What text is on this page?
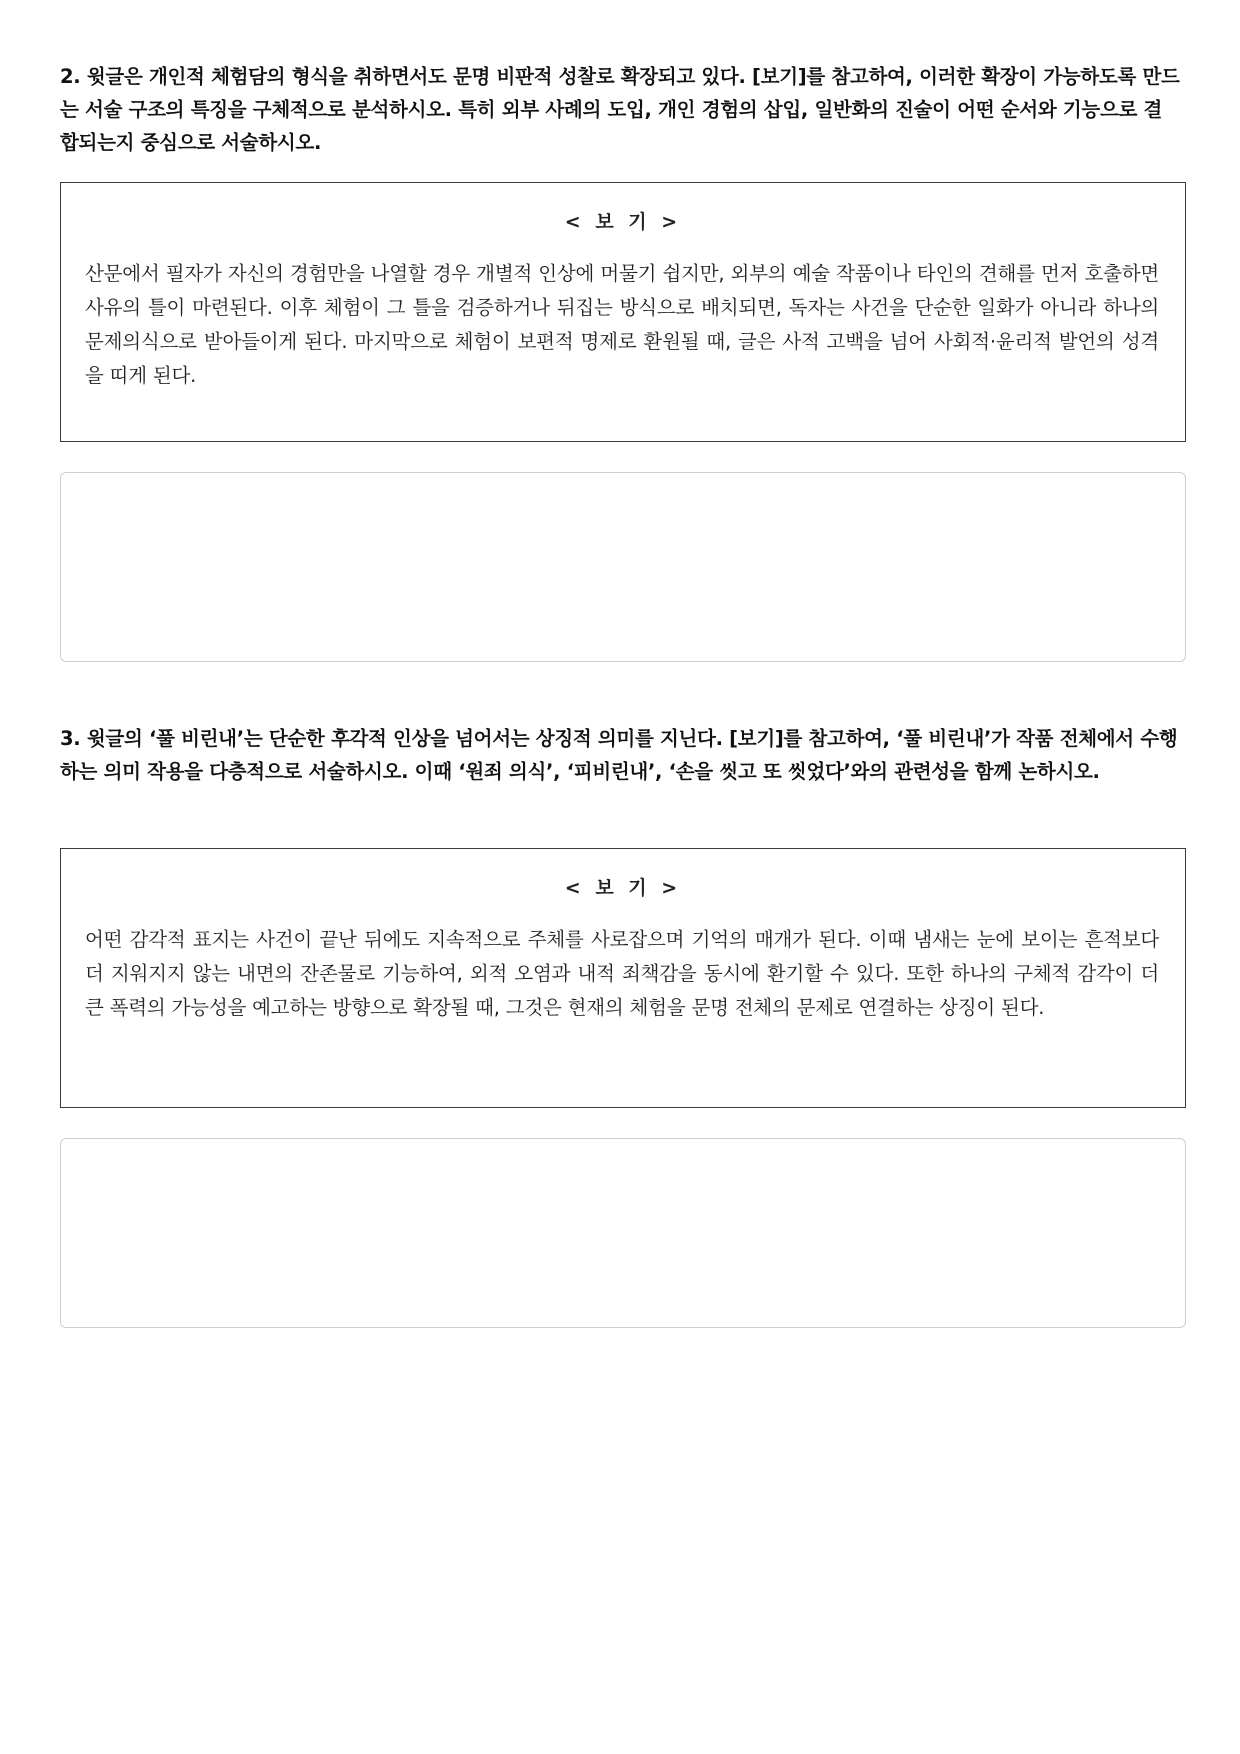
2. 윗글은 개인적 체험담의 형식을 취하면서도 문명 비판적 성찰로 확장되고 있다. [보기]를 참고하여, 이러한 확장이 가능하도록 만드는 서술 구조의 특징을 구체적으로 분석하시오. 특히 외부 사례의 도입, 개인 경험의 삽입, 일반화의 진술이 어떤 순서와 기능으로 결합되는지 중심으로 서술하시오.

< 보 기 >
산문에서 필자가 자신의 경험만을 나열할 경우 개별적 인상에 머물기 쉽지만, 외부의 예술 작품이나 타인의 견해를 먼저 호출하면 사유의 틀이 마련된다. 이후 체험이 그 틀을 검증하거나 뒤집는 방식으로 배치되면, 독자는 사건을 단순한 일화가 아니라 하나의 문제의식으로 받아들이게 된다. 마지막으로 체험이 보편적 명제로 환원될 때, 글은 사적 고백을 넘어 사회적·윤리적 발언의 성격을 띠게 된다.

3. 윗글의 ‘풀 비린내’는 단순한 후각적 인상을 넘어서는 상징적 의미를 지닌다. [보기]를 참고하여, ‘풀 비린내’가 작품 전체에서 수행하는 의미 작용을 다층적으로 서술하시오. 이때 ‘원죄 의식’, ‘피비린내’, ‘손을 씻고 또 씻었다’와의 관련성을 함께 논하시오.

< 보 기 >
어떤 감각적 표지는 사건이 끝난 뒤에도 지속적으로 주체를 사로잡으며 기억의 매개가 된다. 이때 냄새는 눈에 보이는 흔적보다 더 지워지지 않는 내면의 잔존물로 기능하여, 외적 오염과 내적 죄책감을 동시에 환기할 수 있다. 또한 하나의 구체적 감각이 더 큰 폭력의 가능성을 예고하는 방향으로 확장될 때, 그것은 현재의 체험을 문명 전체의 문제로 연결하는 상징이 된다.
